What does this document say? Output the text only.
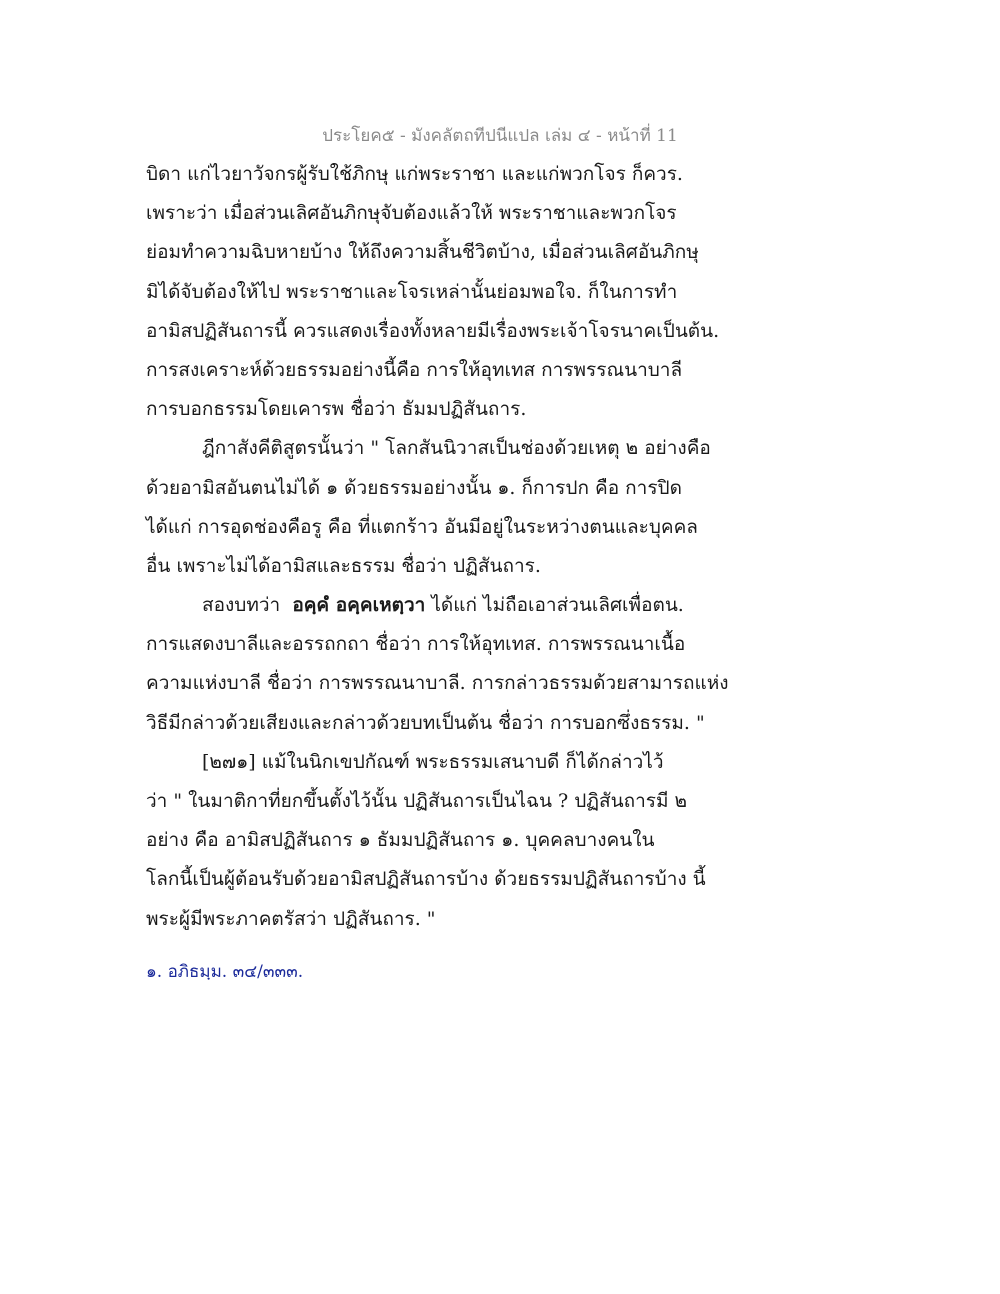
ประโยค๕ - มังคลัตถทีปนีแปล เล่ม ๔ - หน้าที่ 11
บิดา แก่ไวยาวัจกรผู้รับใช้ภิกษุ แก่พระราชา และแก่พวกโจร ก็ควร.
เพราะว่า เมื่อส่วนเลิศอันภิกษุจับต้องแล้วให้ พระราชาและพวกโจร
ย่อมทำความฉิบหายบ้าง ให้ถึงความสิ้นชีวิตบ้าง, เมื่อส่วนเลิศอันภิกษุ
มิได้จับต้องให้ไป พระราชาและโจรเหล่านั้นย่อมพอใจ. ก็ในการทำ
อามิสปฏิสันถารนี้ ควรแสดงเรื่องทั้งหลายมีเรื่องพระเจ้าโจรนาคเป็นต้น.
การสงเคราะห์ด้วยธรรมอย่างนี้คือ การให้อุทเทส การพรรณนาบาลี
การบอกธรรมโดยเคารพ ชื่อว่า ธัมมปฏิสันถาร.
ฎีกาสังคีติสูตรนั้นว่า " โลกสันนิวาสเป็นช่องด้วยเหตุ ๒ อย่างคือ
ด้วยอามิสอันตนไม่ได้ ๑ ด้วยธรรมอย่างนั้น ๑. ก็การปก คือ การปิด
ได้แก่ การอุดช่องคือรู คือ ที่แตกร้าว อันมีอยู่ในระหว่างตนและบุคคล
อื่น เพราะไม่ได้อามิสและธรรม ชื่อว่า ปฏิสันถาร.
สองบทว่า อคฺคํ อคฺคเหตฺวา ได้แก่ ไม่ถือเอาส่วนเลิศเพื่อตน.
การแสดงบาลีและอรรถกถา ชื่อว่า การให้อุทเทส. การพรรณนาเนื้อ
ความแห่งบาลี ชื่อว่า การพรรณนาบาลี. การกล่าวธรรมด้วยสามารถแห่ง
วิธีมีกล่าวด้วยเสียงและกล่าวด้วยบทเป็นต้น ชื่อว่า การบอกซึ่งธรรม. "
[๒๗๑] แม้ในนิกเขปกัณฑ์ พระธรรมเสนาบดี ก็ได้กล่าวไว้
ว่า " ในมาติกาที่ยกขึ้นตั้งไว้นั้น ปฏิสันถารเป็นไฉน ? ปฏิสันถารมี ๒
อย่าง คือ อามิสปฏิสันถาร ๑ ธัมมปฏิสันถาร ๑. บุคคลบางคนใน
โลกนี้เป็นผู้ต้อนรับด้วยอามิสปฏิสันถารบ้าง ด้วยธรรมปฏิสันถารบ้าง นี้
พระผู้มีพระภาคตรัสว่า ปฏิสันถาร. "
๑. อภิธมฺม. ๓๔/๓๓๓.
